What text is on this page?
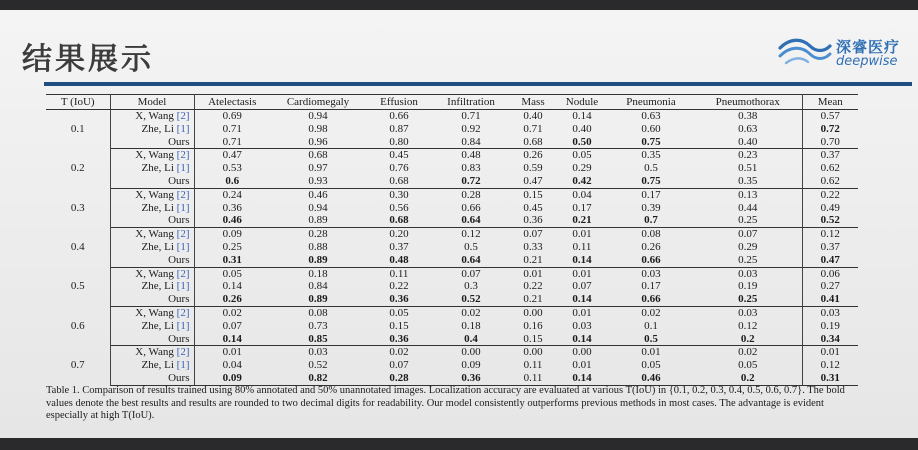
结果展示	深睿医疗
deepwise
T (IoU)	Model	Atelectasis	Cardiomegaly	Effusion	Infiltration	Mass	Nodule	Pneumonia	Pneumothorax	Mean
0.1	X, Wang [2]	0.69	0.94	0.66	0.71	0.40	0.14	0.63	0.38	0.57
	Zhe, Li [1]	0.71	0.98	0.87	0.92	0.71	0.40	0.60	0.63	0.72
	Ours	0.71	0.96	0.80	0.84	0.68	0.50	0.75	0.40	0.70
0.2	X, Wang [2]	0.47	0.68	0.45	0.48	0.26	0.05	0.35	0.23	0.37
	Zhe, Li [1]	0.53	0.97	0.76	0.83	0.59	0.29	0.5	0.51	0.62
	Ours	0.6	0.93	0.68	0.72	0.47	0.42	0.75	0.35	0.62
0.3	X, Wang [2]	0.24	0.46	0.30	0.28	0.15	0.04	0.17	0.13	0.22
	Zhe, Li [1]	0.36	0.94	0.56	0.66	0.45	0.17	0.39	0.44	0.49
	Ours	0.46	0.89	0.68	0.64	0.36	0.21	0.7	0.25	0.52
0.4	X, Wang [2]	0.09	0.28	0.20	0.12	0.07	0.01	0.08	0.07	0.12
	Zhe, Li [1]	0.25	0.88	0.37	0.5	0.33	0.11	0.26	0.29	0.37
	Ours	0.31	0.89	0.48	0.64	0.21	0.14	0.66	0.25	0.47
0.5	X, Wang [2]	0.05	0.18	0.11	0.07	0.01	0.01	0.03	0.03	0.06
	Zhe, Li [1]	0.14	0.84	0.22	0.3	0.22	0.07	0.17	0.19	0.27
	Ours	0.26	0.89	0.36	0.52	0.21	0.14	0.66	0.25	0.41
0.6	X, Wang [2]	0.02	0.08	0.05	0.02	0.00	0.01	0.02	0.03	0.03
	Zhe, Li [1]	0.07	0.73	0.15	0.18	0.16	0.03	0.1	0.12	0.19
	Ours	0.14	0.85	0.36	0.4	0.15	0.14	0.5	0.2	0.34
0.7	X, Wang [2]	0.01	0.03	0.02	0.00	0.00	0.00	0.01	0.02	0.01
	Zhe, Li [1]	0.04	0.52	0.07	0.09	0.11	0.01	0.05	0.05	0.12
	Ours	0.09	0.82	0.28	0.36	0.11	0.14	0.46	0.2	0.31
Table 1. Comparison of results trained using 80% annotated and 50% unannotated images. Localization accuracy are evaluated at various T(IoU) in {0.1, 0.2, 0.3, 0.4, 0.5, 0.6, 0.7}. The bold values denote the best results and results are rounded to two decimal digits for readability. Our model consistently outperforms previous methods in most cases. The advantage is evident especially at high T(IoU).
